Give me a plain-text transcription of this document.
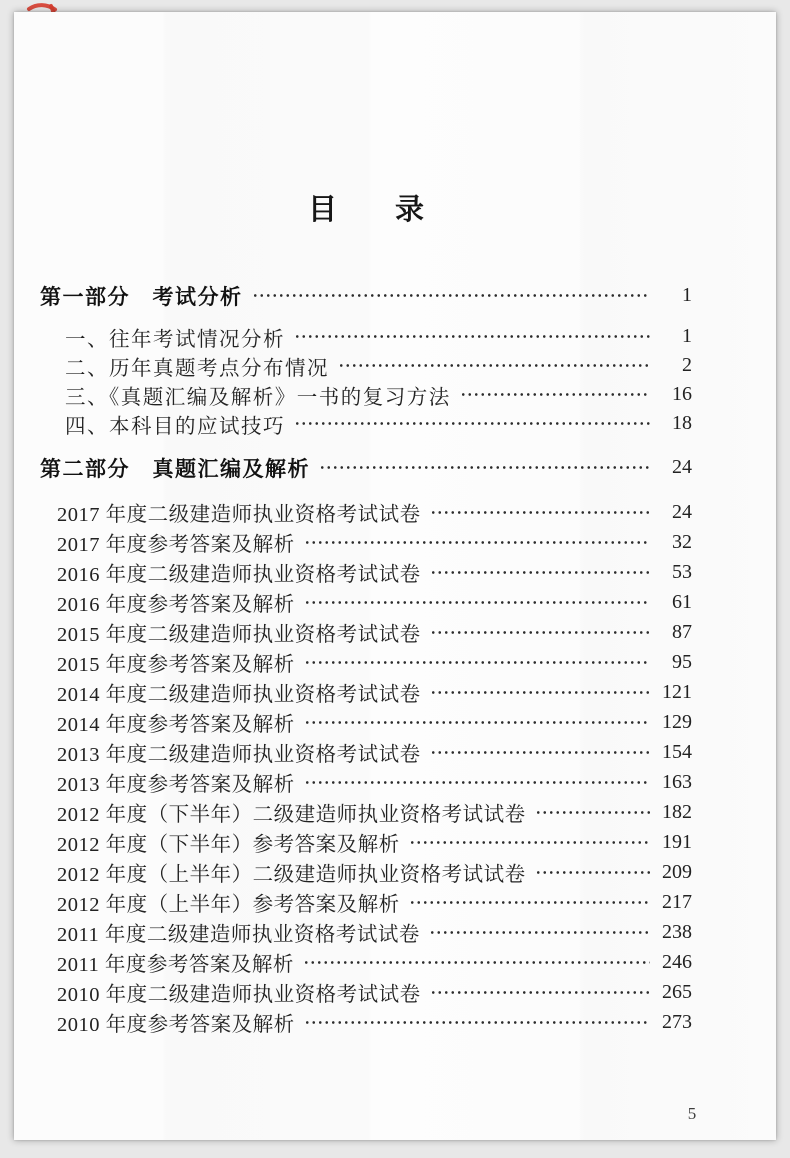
目　　录
第一部分　考试分析	1
一、往年考试情况分析	1
二、历年真题考点分布情况	2
三、《真题汇编及解析》一书的复习方法	16
四、本科目的应试技巧	18
第二部分　真题汇编及解析	24
2017 年度二级建造师执业资格考试试卷	24
2017 年度参考答案及解析	32
2016 年度二级建造师执业资格考试试卷	53
2016 年度参考答案及解析	61
2015 年度二级建造师执业资格考试试卷	87
2015 年度参考答案及解析	95
2014 年度二级建造师执业资格考试试卷	121
2014 年度参考答案及解析	129
2013 年度二级建造师执业资格考试试卷	154
2013 年度参考答案及解析	163
2012 年度（下半年）二级建造师执业资格考试试卷	182
2012 年度（下半年）参考答案及解析	191
2012 年度（上半年）二级建造师执业资格考试试卷	209
2012 年度（上半年）参考答案及解析	217
2011 年度二级建造师执业资格考试试卷	238
2011 年度参考答案及解析	246
2010 年度二级建造师执业资格考试试卷	265
2010 年度参考答案及解析	273
5
